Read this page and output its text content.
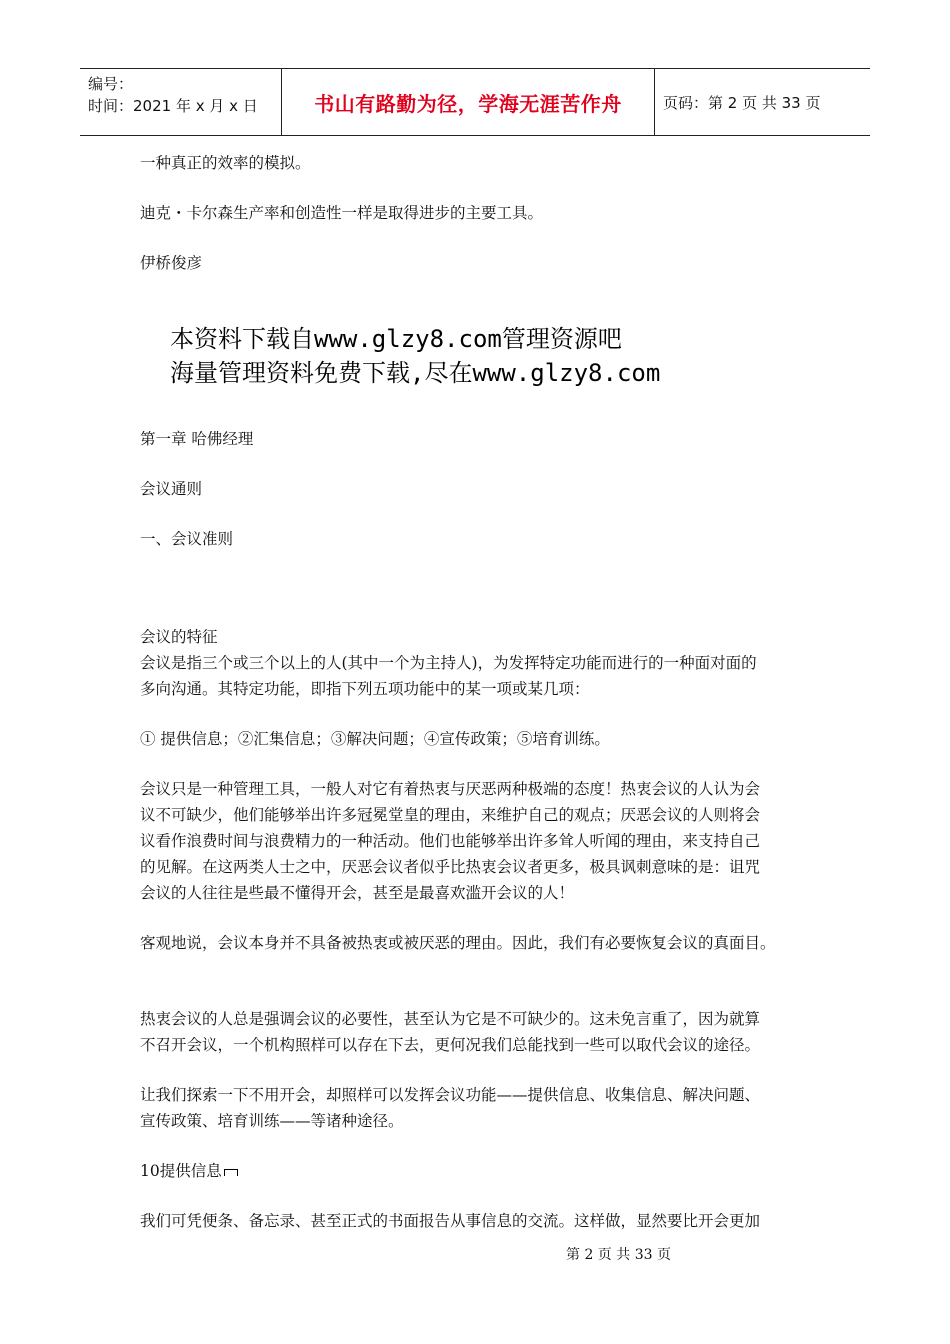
编号：
时间：2021 年 x 月 x 日	书山有路勤为径，学海无涯苦作舟	页码：第 2 页 共 33 页

一种真正的效率的模拟。

迪克・卡尔森生产率和创造性一样是取得进步的主要工具。

伊桥俊彦

第一章 哈佛经理

会议通则

一、会议准则

会议的特征

会议是指三个或三个以上的人(其中一个为主持人)，为发挥特定功能而进行的一种面对面的

多向沟通。其特定功能，即指下列五项功能中的某一项或某几项：

① 提供信息；②汇集信息；③解决问题；④宣传政策；⑤培育训练。

会议只是一种管理工具，一般人对它有着热衷与厌恶两种极端的态度！热衷会议的人认为会

议不可缺少，他们能够举出许多冠冕堂皇的理由，来维护自己的观点；厌恶会议的人则将会

议看作浪费时间与浪费精力的一种活动。他们也能够举出许多耸人听闻的理由，来支持自己

的见解。在这两类人士之中，厌恶会议者似乎比热衷会议者更多，极具讽刺意味的是：诅咒

会议的人往往是些最不懂得开会，甚至是最喜欢滥开会议的人！

客观地说，会议本身并不具备被热衷或被厌恶的理由。因此，我们有必要恢复会议的真面目。

热衷会议的人总是强调会议的必要性，甚至认为它是不可缺少的。这未免言重了，因为就算

不召开会议，一个机构照样可以存在下去，更何况我们总能找到一些可以取代会议的途径。

让我们探索一下不用开会，却照样可以发挥会议功能——提供信息、收集信息、解决问题、

宣传政策、培育训练——等诸种途径。

10提供信息

我们可凭便条、备忘录、甚至正式的书面报告从事信息的交流。这样做，显然要比开会更加

本资料下载自www.glzy8.com管理资源吧
海量管理资料免费下载,尽在www.glzy8.com
第 2 页 共 33 页
